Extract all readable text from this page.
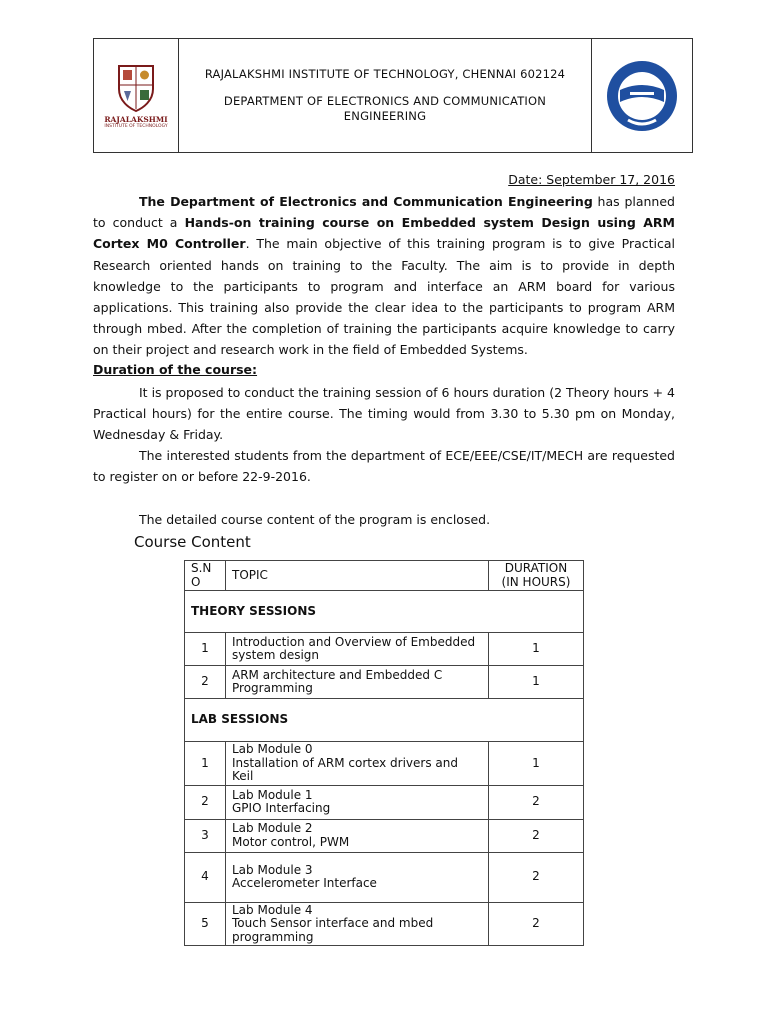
RAJALAKSHMI
INSTITUTE OF TECHNOLOGY
RAJALAKSHMI INSTITUTE OF TECHNOLOGY, CHENNAI 602124
DEPARTMENT OF ELECTRONICS AND COMMUNICATION ENGINEERING
Date: September 17, 2016

The Department of Electronics and Communication Engineering has planned to conduct a Hands-on training course on Embedded system Design using ARM Cortex M0 Controller. The main objective of this training program is to give Practical Research oriented hands on training to the Faculty. The aim is to provide in depth knowledge to the participants to program and interface an ARM board for various applications. This training also provide the clear idea to the participants to program ARM through mbed. After the completion of training the participants acquire knowledge to carry on their project and research work in the field of Embedded Systems.

Duration of the course:

It is proposed to conduct the training session of 6 hours duration (2 Theory hours + 4 Practical hours) for the entire course. The timing would from 3.30 to 5.30 pm on Monday, Wednesday & Friday.

The interested students from the department of ECE/EEE/CSE/IT/MECH are requested to register on or before 22-9-2016.

The detailed course content of the program is enclosed.

Course Content
S.N O	TOPIC	DURATION
(IN HOURS)

THEORY SESSIONS		
1	Introduction and Overview of Embedded system design	1
2	ARM architecture and Embedded C Programming	1
LAB SESSIONS		
1	Lab Module 0
Installation of ARM cortex drivers and Keil	1
2	Lab Module 1
GPIO Interfacing	2
3	Lab Module 2
Motor control, PWM	2
4	Lab Module 3
Accelerometer Interface	2
5	Lab Module 4
Touch Sensor interface and mbed programming	2
